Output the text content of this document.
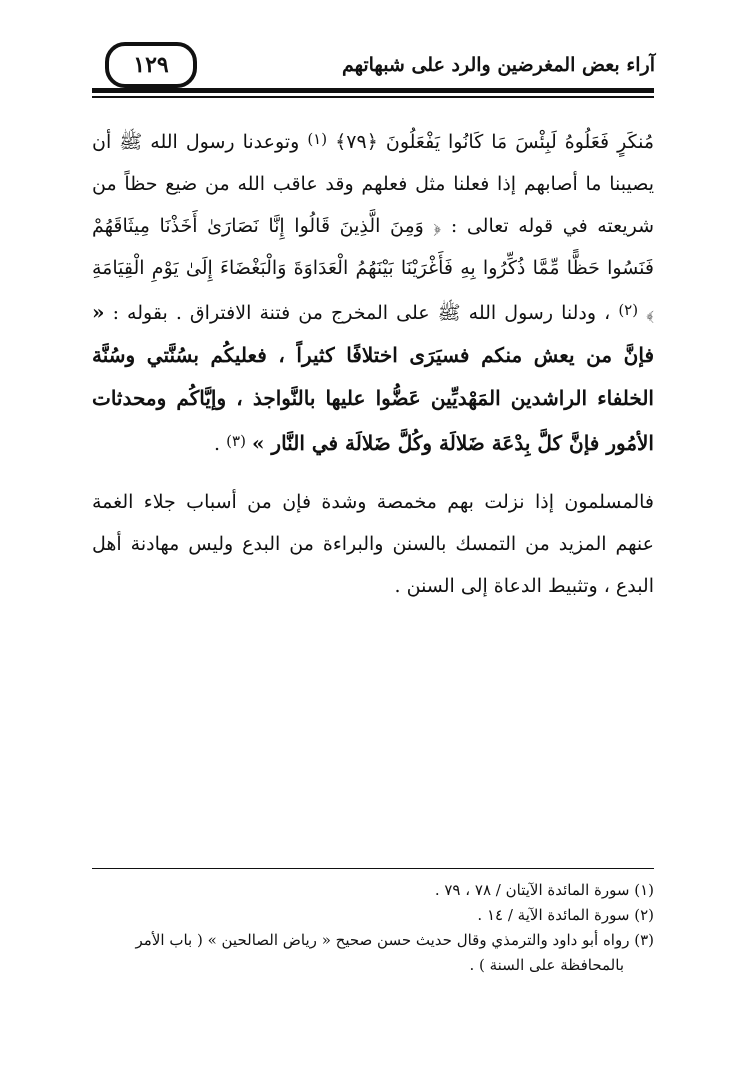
١٢٩	آراء بعض المغرضين والرد على شبهاتهم

مُنكَرٍ فَعَلُوهُ لَبِئْسَ مَا كَانُوا يَفْعَلُونَ ﴿٧٩﴾ $^{(١)}$ وتوعدنا رسول الله ﷺ أن يصيبنا ما أصابهم إذا فعلنا مثل فعلهم وقد عاقب الله من ضيع حظاً من شريعته في قوله تعالى : ﴿ وَمِنَ الَّذِينَ قَالُوا إِنَّا نَصَارَىٰ أَخَذْنَا مِيثَاقَهُمْ فَنَسُوا حَظًّا مِّمَّا ذُكِّرُوا بِهِ فَأَغْرَيْنَا بَيْنَهُمُ الْعَدَاوَةَ وَالْبَغْضَاءَ إِلَىٰ يَوْمِ الْقِيَامَةِ ﴾ $^{(٢)}$ ، ودلنا رسول الله ﷺ على المخرج من فتنة الافتراق . بقوله : « فإنَّ من يعش منكم فسيَرَى اختلافًا كثيراً ، فعليكُم بسُنَّتي وسُنَّة الخلفاء الراشدين المَهْديِّين عَضُّوا عليها بالنَّواجذ ، وإيَّاكُم ومحدثات الأمُور فإنَّ كلَّ بِدْعَة ضَلالَة وكُلَّ ضَلالَة في النَّار » $^{(٣)}$ .

فالمسلمون إذا نزلت بهم مخمصة وشدة فإن من أسباب جلاء الغمة عنهم المزيد من التمسك بالسنن والبراءة من البدع وليس مهادنة أهل البدع ، وتثبيط الدعاة إلى السنن .

(١) سورة المائدة الآيتان / ٧٨ ، ٧٩ .
(٢) سورة المائدة الآية / ١٤ .
(٣) رواه أبو داود والترمذي وقال حديث حسن صحيح « رياض الصالحين » ( باب الأمر
بالمحافظة على السنة ) .
